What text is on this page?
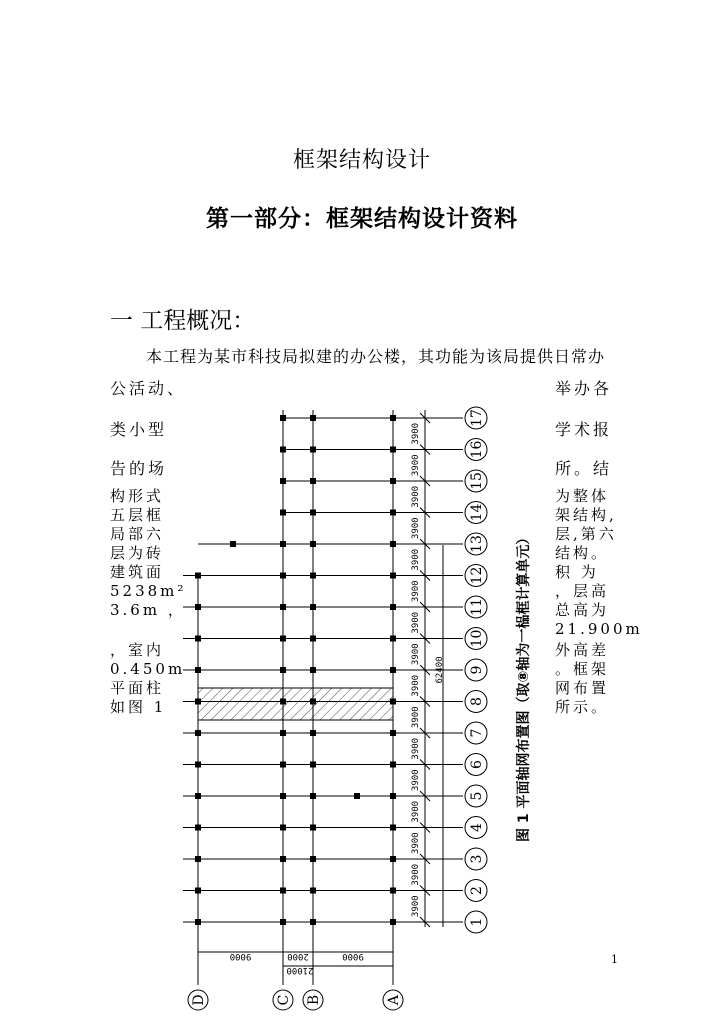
框架结构设计
第一部分：框架结构设计资料
一 工程概况：
本工程为某市科技局拟建的办公楼，其功能为该局提供日常办
公活动、
类小型
告的场
构形式
五层框
局部六
层为砖
建筑面
5238m²
3.6m ，
，室内
0.450m
平面柱
如图 1
举办各
学术报
所。结
为整体
架结构,
层,第六
结构。
积 为
，层高
总高为
21.900m
外高差
。框架
网布置
所示。
1
17
3900
16
3900
15
3900
14
3900
13
3900
12
3900
11
3900
10
3900
9
3900
8
3900
7
3900
6
3900
5
3900
4
3900
3
3900
2
3900
1
62400
9000	2000	9000
21000
D	C B	A
图 1 平面轴网布置图（取⑧轴为一榀框计算单元）
